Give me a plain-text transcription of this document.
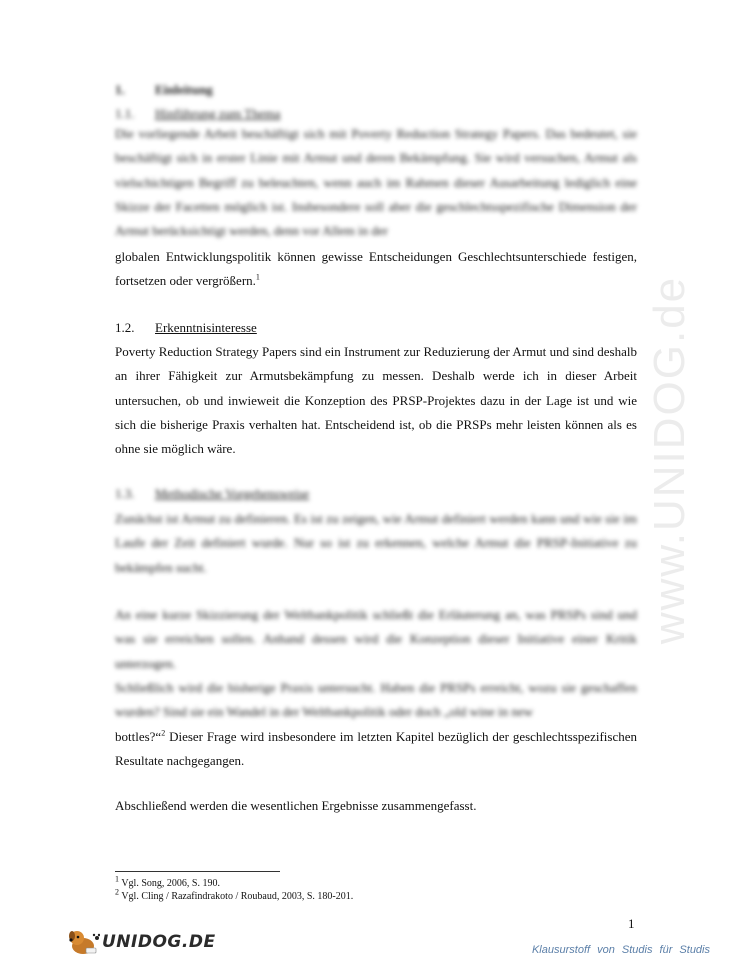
www.UNIDOG.de
1. Einleitung
1.1. Hinführung zum Thema
Die vorliegende Arbeit beschäftigt sich mit Poverty Reduction Strategy Papers. Das bedeutet, sie beschäftigt sich in erster Linie mit Armut und deren Bekämpfung. Sie wird versuchen, Armut als vielschichtigen Begriff zu beleuchten, wenn auch im Rahmen dieser Ausarbeitung lediglich eine Skizze der Facetten möglich ist. Insbesondere soll aber die geschlechtsspezifische Dimension der Armut berücksichtigt werden, denn vor Allem in der
globalen Entwicklungspolitik können gewisse Entscheidungen Geschlechtsunterschiede festigen, fortsetzen oder vergrößern.$^1$
1.2. Erkenntnisinteresse
Poverty Reduction Strategy Papers sind ein Instrument zur Reduzierung der Armut und sind deshalb an ihrer Fähigkeit zur Armutsbekämpfung zu messen. Deshalb werde ich in dieser Arbeit untersuchen, ob und inwieweit die Konzeption des PRSP-Projektes dazu in der Lage ist und wie sich die bisherige Praxis verhalten hat. Entscheidend ist, ob die PRSPs mehr leisten können als es ohne sie möglich wäre.
1.3. Methodische Vorgehensweise
Zunächst ist Armut zu definieren. Es ist zu zeigen, wie Armut definiert werden kann und wie sie im Laufe der Zeit definiert wurde. Nur so ist zu erkennen, welche Armut die PRSP-Initiative zu bekämpfen sucht.
An eine kurze Skizzierung der Weltbankpolitik schließt die Erläuterung an, was PRSPs sind und was sie erreichen sollen. Anhand dessen wird die Konzeption dieser Initiative einer Kritik unterzogen.
Schließlich wird die bisherige Praxis untersucht. Haben die PRSPs erreicht, wozu sie geschaffen wurden? Sind sie ein Wandel in der Weltbankpolitik oder doch „old wine in new
bottles?“$^2$ Dieser Frage wird insbesondere im letzten Kapitel bezüglich der geschlechtsspezifischen Resultate nachgegangen.
Abschließend werden die wesentlichen Ergebnisse zusammengefasst.
$^1$ Vgl. Song, 2006, S. 190.
$^2$ Vgl. Cling / Razafindrakoto / Roubaud, 2003, S. 180-201.
1
UNIDOG.DE	Klausurstoff von Studis für Studis
